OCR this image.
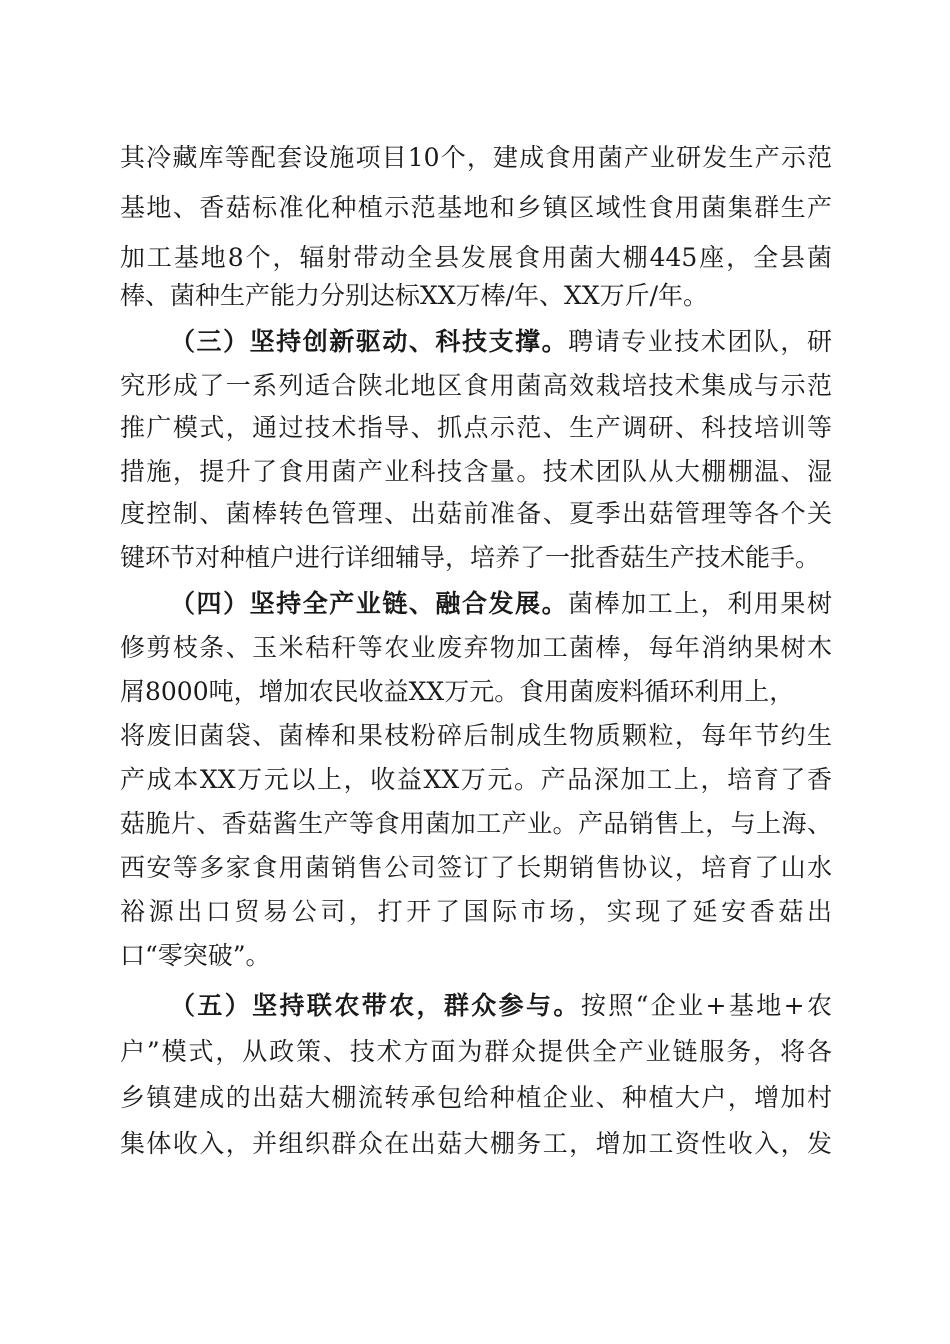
其冷藏库等配套设施项目10个，建成食用菌产业研发生产示范
基地、香菇标准化种植示范基地和乡镇区域性食用菌集群生产
加工基地8个，辐射带动全县发展食用菌大棚445座，全县菌
棒、菌种生产能力分别达标XX万棒/年、XX万斤/年。
（三）坚持创新驱动、科技支撑。聘请专业技术团队，研
究形成了一系列适合陕北地区食用菌高效栽培技术集成与示范
推广模式，通过技术指导、抓点示范、生产调研、科技培训等
措施，提升了食用菌产业科技含量。技术团队从大棚棚温、湿
度控制、菌棒转色管理、出菇前准备、夏季出菇管理等各个关
键环节对种植户进行详细辅导，培养了一批香菇生产技术能手。
（四）坚持全产业链、融合发展。菌棒加工上，利用果树
修剪枝条、玉米秸秆等农业废弃物加工菌棒，每年消纳果树木
屑8000吨，增加农民收益XX万元。食用菌废料循环利用上，
将废旧菌袋、菌棒和果枝粉碎后制成生物质颗粒，每年节约生
产成本XX万元以上，收益XX万元。产品深加工上，培育了香
菇脆片、香菇酱生产等食用菌加工产业。产品销售上，与上海、
西安等多家食用菌销售公司签订了长期销售协议，培育了山水
裕源出口贸易公司，打开了国际市场，实现了延安香菇出
口“零突破”。
（五）坚持联农带农，群众参与。按照“企业+基地+农
户”模式，从政策、技术方面为群众提供全产业链服务，将各
乡镇建成的出菇大棚流转承包给种植企业、种植大户，增加村
集体收入，并组织群众在出菇大棚务工，增加工资性收入，发
